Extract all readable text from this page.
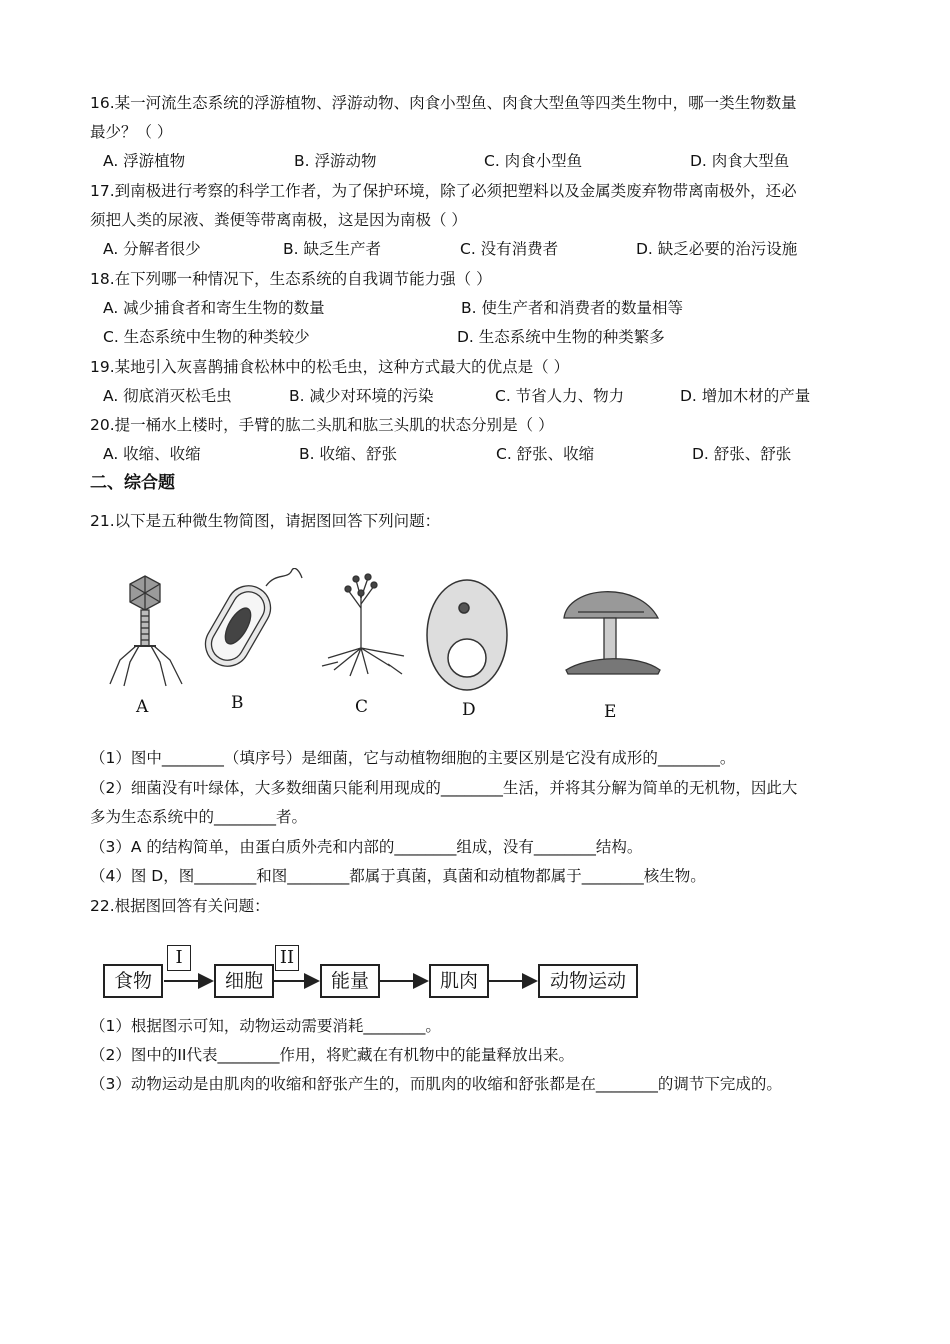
16.某一河流生态系统的浮游植物、浮游动物、肉食小型鱼、肉食大型鱼等四类生物中，哪一类生物数量
最少？（ ）
A. 浮游植物	B. 浮游动物	C. 肉食小型鱼	D. 肉食大型鱼
17.到南极进行考察的科学工作者，为了保护环境，除了必须把塑料以及金属类废弃物带离南极外，还必
须把人类的尿液、粪便等带离南极，这是因为南极（ ）
A. 分解者很少	B. 缺乏生产者	C. 没有消费者	D. 缺乏必要的治污设施
18.在下列哪一种情况下，生态系统的自我调节能力强（ ）
A. 减少捕食者和寄生生物的数量	B. 使生产者和消费者的数量相等
C. 生态系统中生物的种类较少	D. 生态系统中生物的种类繁多
19.某地引入灰喜鹊捕食松林中的松毛虫，这种方式最大的优点是（ ）
A. 彻底消灭松毛虫	B. 减少对环境的污染	C. 节省人力、物力	D. 增加木材的产量
20.提一桶水上楼时，手臂的肱二头肌和肱三头肌的状态分别是（ ）
A. 收缩、收缩	B. 收缩、舒张	C. 舒张、收缩	D. 舒张、舒张
二、综合题
21.以下是五种微生物简图，请据图回答下列问题：
A	B	C	D	E
（1）图中________（填序号）是细菌，它与动植物细胞的主要区别是它没有成形的________。
（2）细菌没有叶绿体，大多数细菌只能利用现成的________生活，并将其分解为简单的无机物，因此大
多为生态系统中的________者。
（3）A 的结构简单，由蛋白质外壳和内部的________组成，没有________结构。
（4）图 D，图________和图________都属于真菌，真菌和动植物都属于________核生物。
22.根据图回答有关问题：
食物	细胞	能量	肌肉	动物运动
I	II
（1）根据图示可知，动物运动需要消耗________。
（2）图中的II代表________作用，将贮藏在有机物中的能量释放出来。
（3）动物运动是由肌肉的收缩和舒张产生的，而肌肉的收缩和舒张都是在________的调节下完成的。
